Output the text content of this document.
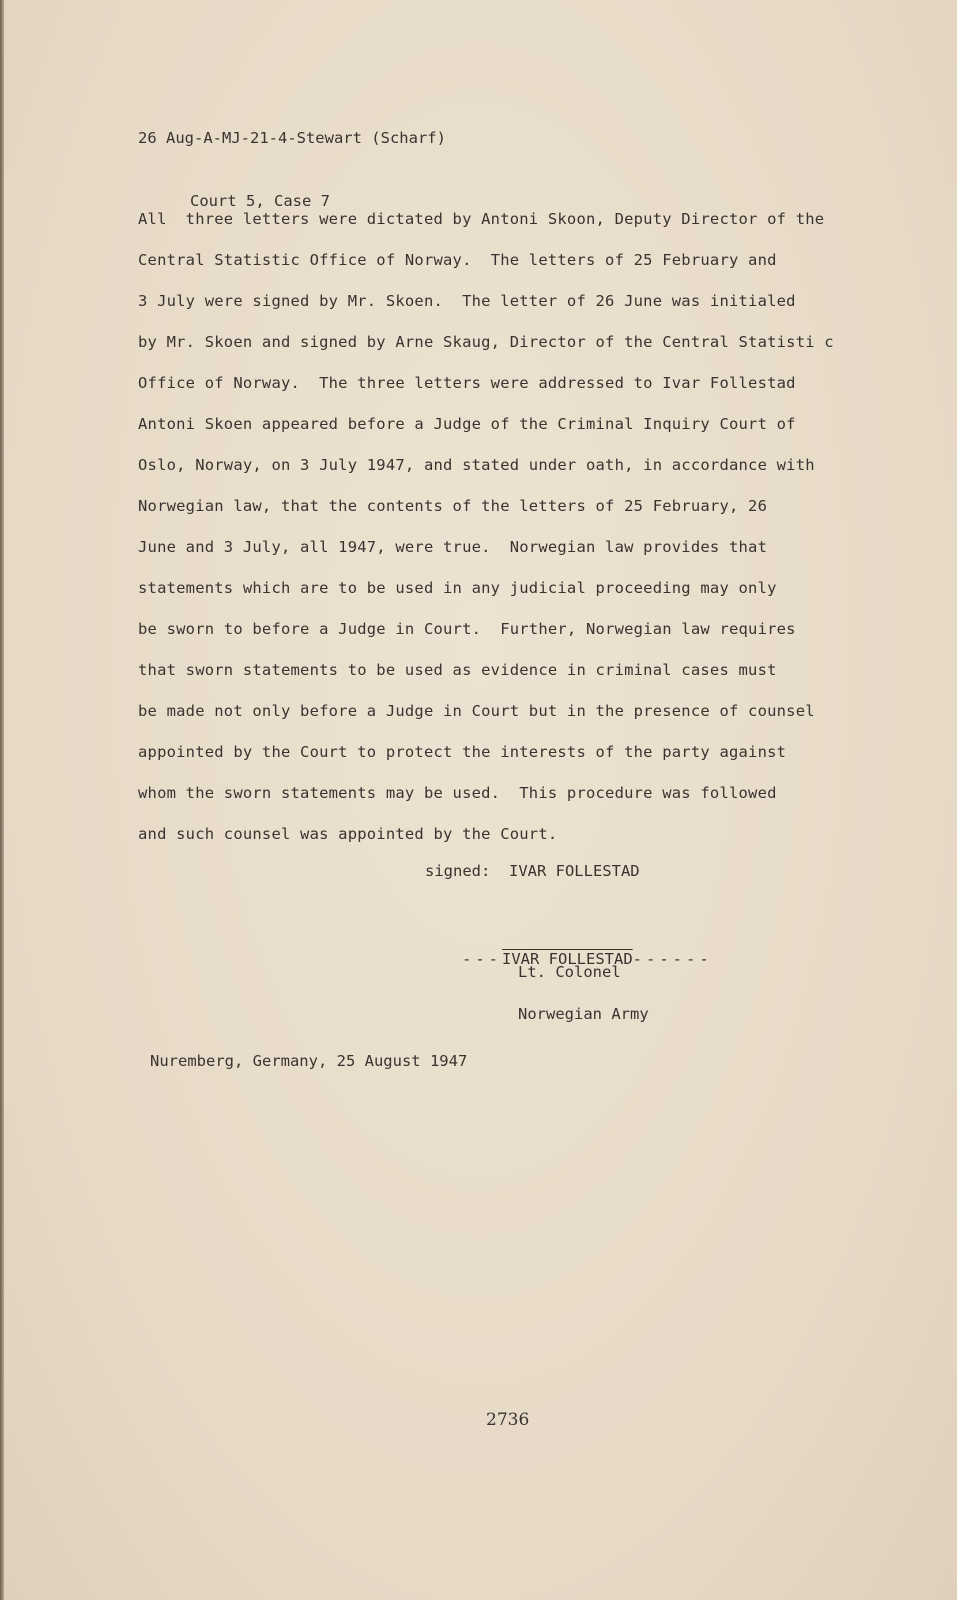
26 Aug-A-MJ-21-4-Stewart (Scharf)

Court 5, Case 7

All  three letters were dictated by Antoni Skoon, Deputy Director of the
Central Statistic Office of Norway.  The letters of 25 February and
3 July were signed by Mr. Skoen.  The letter of 26 June was initialed
by Mr. Skoen and signed by Arne Skaug, Director of the Central Statisti c
Office of Norway.  The three letters were addressed to Ivar Follestad
Antoni Skoen appeared before a Judge of the Criminal Inquiry Court of
Oslo, Norway, on 3 July 1947, and stated under oath, in accordance with
Norwegian law, that the contents of the letters of 25 February, 26
June and 3 July, all 1947, were true.  Norwegian law provides that
statements which are to be used in any judicial proceeding may only
be sworn to before a Judge in Court.  Further, Norwegian law requires
that sworn statements to be used as evidence in criminal cases must
be made not only before a Judge in Court but in the presence of counsel
appointed by the Court to protect the interests of the party against
whom the sworn statements may be used.  This procedure was followed
and such counsel was appointed by the Court.
signed:  IVAR FOLLESTAD

--- IVAR FOLLESTAD ------

Lt. Colonel
Norwegian Army
Nuremberg, Germany, 25 August 1947
2736
